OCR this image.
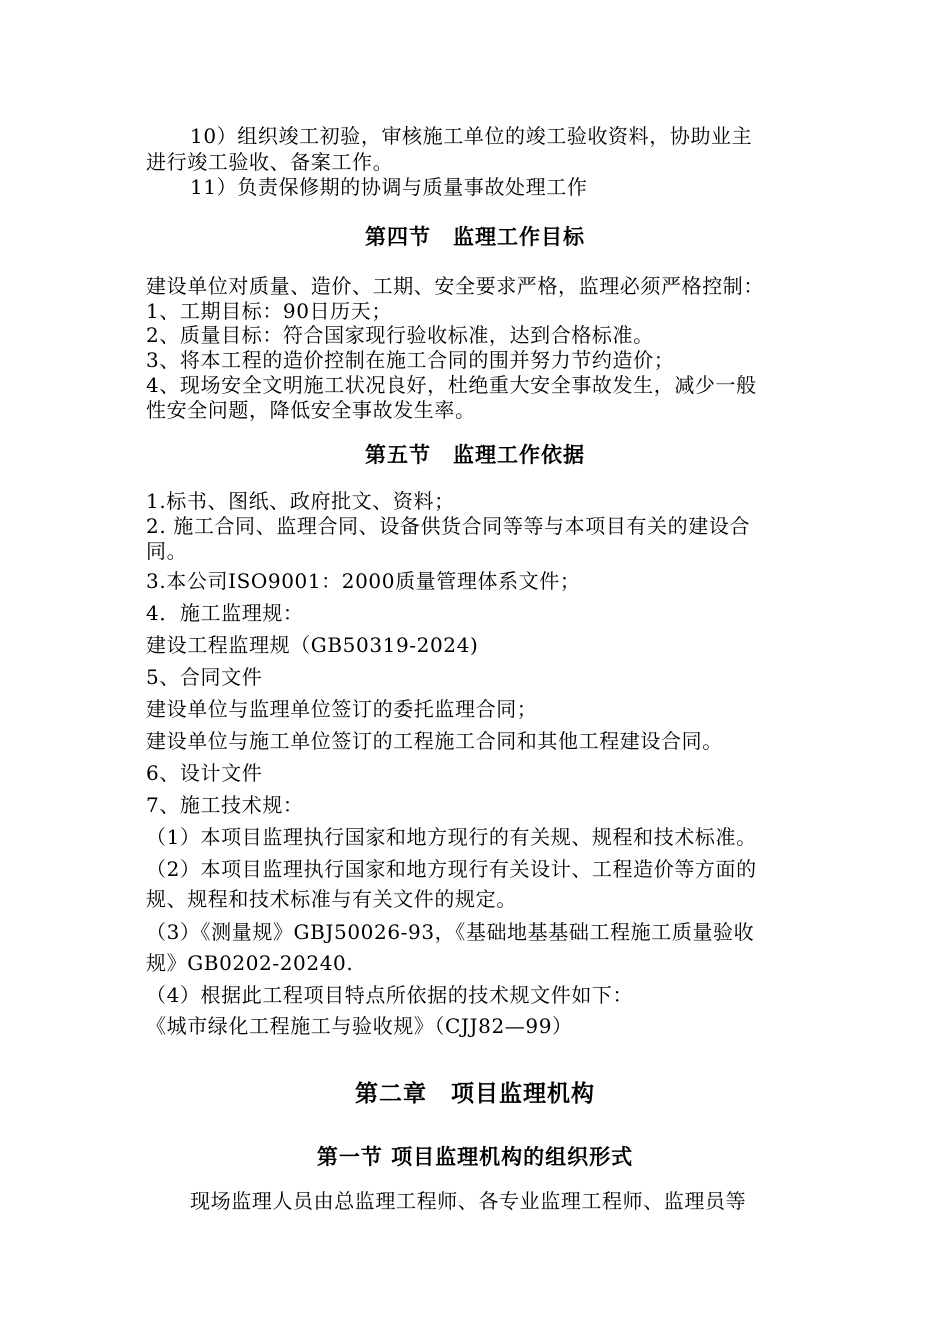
10）组织竣工初验，审核施工单位的竣工验收资料，协助业主
进行竣工验收、备案工作。
11）负责保修期的协调与质量事故处理工作
第四节　监理工作目标
建设单位对质量、造价、工期、安全要求严格，监理必须严格控制：
1、工期目标：90日历天；
2、质量目标：符合国家现行验收标准，达到合格标准。
3、将本工程的造价控制在施工合同的围并努力节约造价；
4、现场安全文明施工状况良好，杜绝重大安全事故发生，减少一般
性安全问题，降低安全事故发生率。
第五节　监理工作依据
1.标书、图纸、政府批文、资料；
2. 施工合同、监理合同、设备供货合同等等与本项目有关的建设合
同。
3.本公司ISO9001：2000质量管理体系文件；
4．施工监理规：
建设工程监理规（GB50319-2024)
5、合同文件
建设单位与监理单位签订的委托监理合同；
建设单位与施工单位签订的工程施工合同和其他工程建设合同。
6、设计文件
7、施工技术规：
（1）本项目监理执行国家和地方现行的有关规、规程和技术标准。
（2）本项目监理执行国家和地方现行有关设计、工程造价等方面的
规、规程和技术标准与有关文件的规定。
（3）《测量规》GBJ50026-93，《基础地基基础工程施工质量验收
规》GB0202-20240.
（4）根据此工程项目特点所依据的技术规文件如下：
《城市绿化工程施工与验收规》（CJJ82—99）
第二章　项目监理机构
第一节 项目监理机构的组织形式
现场监理人员由总监理工程师、各专业监理工程师、监理员等
